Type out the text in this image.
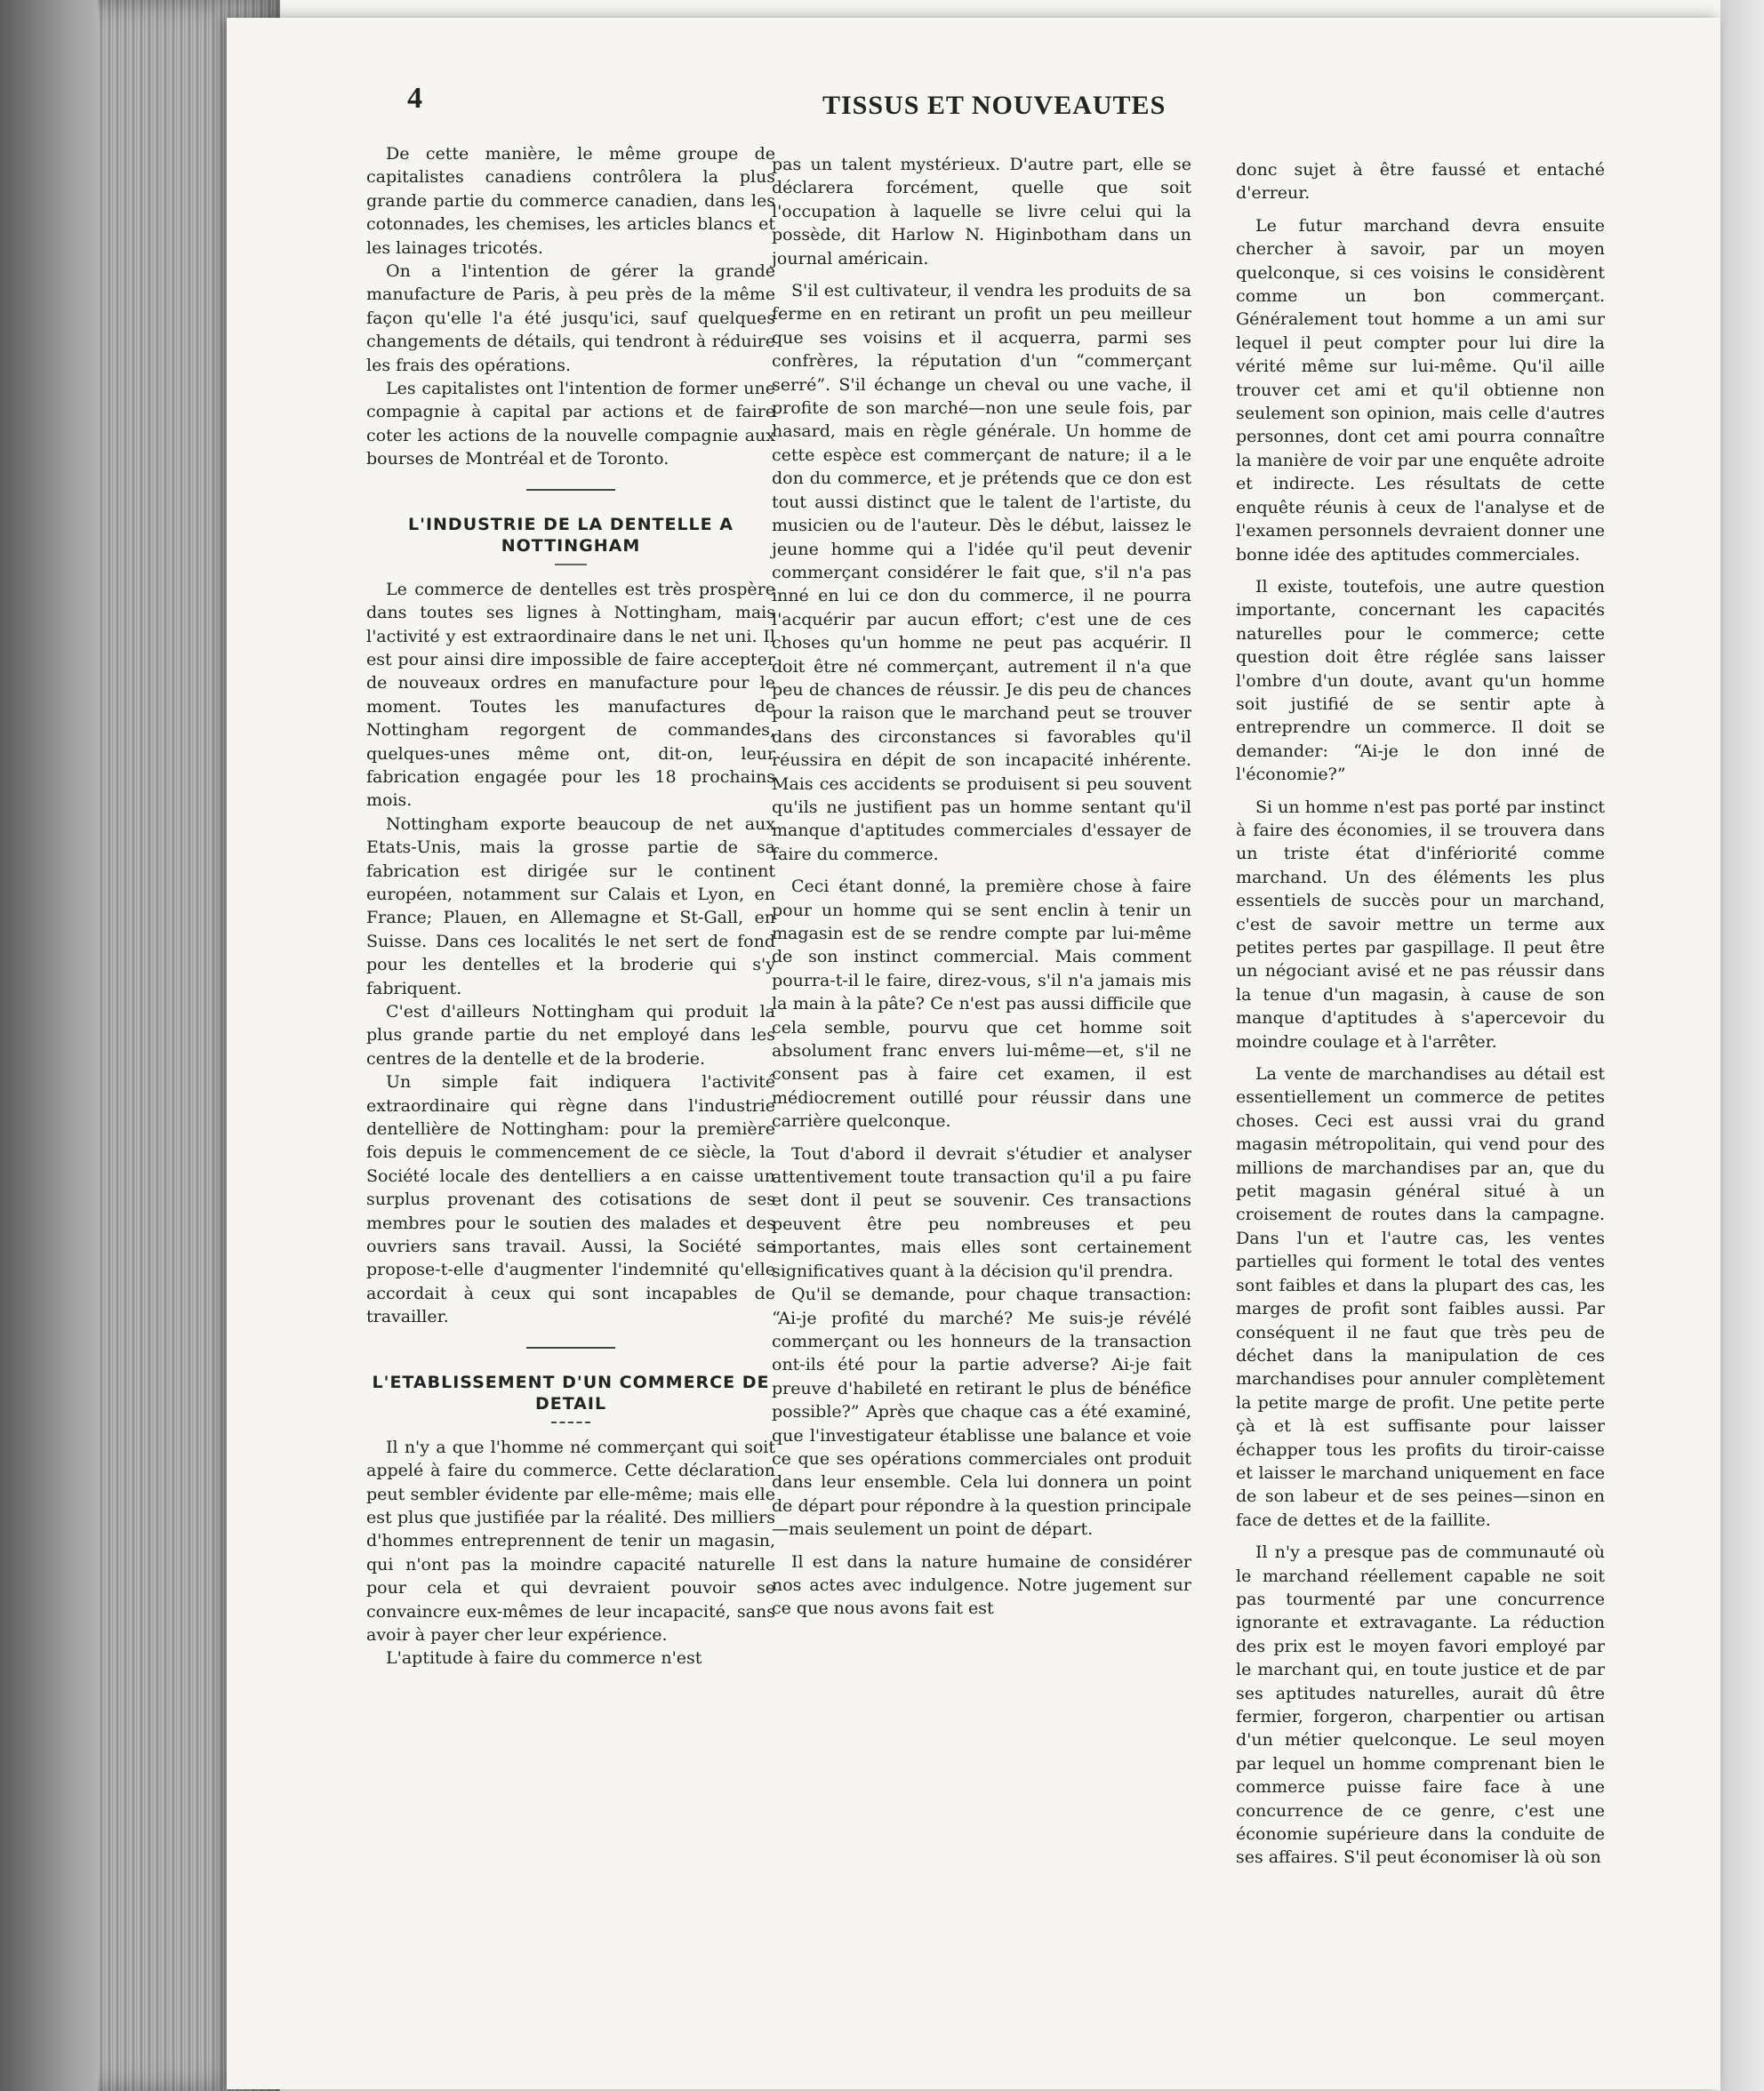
4	TISSUS ET NOUVEAUTES

De cette manière, le même groupe de capitalistes canadiens contrôlera la plus grande partie du commerce canadien, dans les cotonnades, les chemises, les articles blancs et les lainages tricotés.

On a l'intention de gérer la grande manufacture de Paris, à peu près de la même façon qu'elle l'a été jusqu'ici, sauf quelques changements de détails, qui tendront à réduire les frais des opérations.

Les capitalistes ont l'intention de former une compagnie à capital par actions et de faire coter les actions de la nouvelle compagnie aux bourses de Montréal et de Toronto.

L'INDUSTRIE DE LA DENTELLE A NOTTINGHAM

Le commerce de dentelles est très prospère dans toutes ses lignes à Nottingham, mais l'activité y est extraordinaire dans le net uni. Il est pour ainsi dire impossible de faire accepter de nouveaux ordres en manufacture pour le moment. Toutes les manufactures de Nottingham regorgent de commandes, quelques-unes même ont, dit-on, leur fabrication engagée pour les 18 prochains mois.

Nottingham exporte beaucoup de net aux Etats-Unis, mais la grosse partie de sa fabrication est dirigée sur le continent européen, notamment sur Calais et Lyon, en France; Plauen, en Allemagne et St-Gall, en Suisse. Dans ces localités le net sert de fond pour les dentelles et la broderie qui s'y fabriquent.

C'est d'ailleurs Nottingham qui produit la plus grande partie du net employé dans les centres de la dentelle et de la broderie.

Un simple fait indiquera l'activité extraordinaire qui règne dans l'industrie dentellière de Nottingham: pour la première fois depuis le commencement de ce siècle, la Société locale des dentelliers a en caisse un surplus provenant des cotisations de ses membres pour le soutien des malades et des ouvriers sans travail. Aussi, la Société se propose-t-elle d'augmenter l'indemnité qu'elle accordait à ceux qui sont incapables de travailler.

L'ETABLISSEMENT D'UN COMMERCE DE DETAIL

Il n'y a que l'homme né commerçant qui soit appelé à faire du commerce. Cette déclaration peut sembler évidente par elle-même; mais elle est plus que justifiée par la réalité. Des milliers d'hommes entreprennent de tenir un magasin, qui n'ont pas la moindre capacité naturelle pour cela et qui devraient pouvoir se convaincre eux-mêmes de leur incapacité, sans avoir à payer cher leur expérience.

L'aptitude à faire du commerce n'est

pas un talent mystérieux. D'autre part, elle se déclarera forcément, quelle que soit l'occupation à laquelle se livre celui qui la possède, dit Harlow N. Higinbotham dans un journal américain.

S'il est cultivateur, il vendra les produits de sa ferme en en retirant un profit un peu meilleur que ses voisins et il acquerra, parmi ses confrères, la réputation d'un “commerçant serré”. S'il échange un cheval ou une vache, il profite de son marché—non une seule fois, par hasard, mais en règle générale. Un homme de cette espèce est commerçant de nature; il a le don du commerce, et je prétends que ce don est tout aussi distinct que le talent de l'artiste, du musicien ou de l'auteur. Dès le début, laissez le jeune homme qui a l'idée qu'il peut devenir commerçant considérer le fait que, s'il n'a pas inné en lui ce don du commerce, il ne pourra l'acquérir par aucun effort; c'est une de ces choses qu'un homme ne peut pas acquérir. Il doit être né commerçant, autrement il n'a que peu de chances de réussir. Je dis peu de chances pour la raison que le marchand peut se trouver dans des circonstances si favorables qu'il réussira en dépit de son incapacité inhérente. Mais ces accidents se produisent si peu souvent qu'ils ne justifient pas un homme sentant qu'il manque d'aptitudes commerciales d'essayer de faire du commerce.

Ceci étant donné, la première chose à faire pour un homme qui se sent enclin à tenir un magasin est de se rendre compte par lui-même de son instinct commercial. Mais comment pourra-t-il le faire, direz-vous, s'il n'a jamais mis la main à la pâte? Ce n'est pas aussi difficile que cela semble, pourvu que cet homme soit absolument franc envers lui-même—et, s'il ne consent pas à faire cet examen, il est médiocrement outillé pour réussir dans une carrière quelconque.

Tout d'abord il devrait s'étudier et analyser attentivement toute transaction qu'il a pu faire et dont il peut se souvenir. Ces transactions peuvent être peu nombreuses et peu importantes, mais elles sont certainement significatives quant à la décision qu'il prendra.

Qu'il se demande, pour chaque transaction: “Ai-je profité du marché? Me suis-je révélé commerçant ou les honneurs de la transaction ont-ils été pour la partie adverse? Ai-je fait preuve d'habileté en retirant le plus de bénéfice possible?” Après que chaque cas a été examiné, que l'investigateur établisse une balance et voie ce que ses opérations commerciales ont produit dans leur ensemble. Cela lui donnera un point de départ pour répondre à la question principale—mais seulement un point de départ.

Il est dans la nature humaine de considérer nos actes avec indulgence. Notre jugement sur ce que nous avons fait est

donc sujet à être faussé et entaché d'erreur.

Le futur marchand devra ensuite chercher à savoir, par un moyen quelconque, si ces voisins le considèrent comme un bon commerçant. Généralement tout homme a un ami sur lequel il peut compter pour lui dire la vérité même sur lui-même. Qu'il aille trouver cet ami et qu'il obtienne non seulement son opinion, mais celle d'autres personnes, dont cet ami pourra connaître la manière de voir par une enquête adroite et indirecte. Les résultats de cette enquête réunis à ceux de l'analyse et de l'examen personnels devraient donner une bonne idée des aptitudes commerciales.

Il existe, toutefois, une autre question importante, concernant les capacités naturelles pour le commerce; cette question doit être réglée sans laisser l'ombre d'un doute, avant qu'un homme soit justifié de se sentir apte à entreprendre un commerce. Il doit se demander: “Ai-je le don inné de l'économie?”

Si un homme n'est pas porté par instinct à faire des économies, il se trouvera dans un triste état d'infériorité comme marchand. Un des éléments les plus essentiels de succès pour un marchand, c'est de savoir mettre un terme aux petites pertes par gaspillage. Il peut être un négociant avisé et ne pas réussir dans la tenue d'un magasin, à cause de son manque d'aptitudes à s'apercevoir du moindre coulage et à l'arrêter.

La vente de marchandises au détail est essentiellement un commerce de petites choses. Ceci est aussi vrai du grand magasin métropolitain, qui vend pour des millions de marchandises par an, que du petit magasin général situé à un croisement de routes dans la campagne. Dans l'un et l'autre cas, les ventes partielles qui forment le total des ventes sont faibles et dans la plupart des cas, les marges de profit sont faibles aussi. Par conséquent il ne faut que très peu de déchet dans la manipulation de ces marchandises pour annuler complètement la petite marge de profit. Une petite perte çà et là est suffisante pour laisser échapper tous les profits du tiroir-caisse et laisser le marchand uniquement en face de son labeur et de ses peines—sinon en face de dettes et de la faillite.

Il n'y a presque pas de communauté où le marchand réellement capable ne soit pas tourmenté par une concurrence ignorante et extravagante. La réduction des prix est le moyen favori employé par le marchant qui, en toute justice et de par ses aptitudes naturelles, aurait dû être fermier, forgeron, charpentier ou artisan d'un métier quelconque. Le seul moyen par lequel un homme comprenant bien le commerce puisse faire face à une concurrence de ce genre, c'est une économie supérieure dans la conduite de ses affaires. S'il peut économiser là où son
